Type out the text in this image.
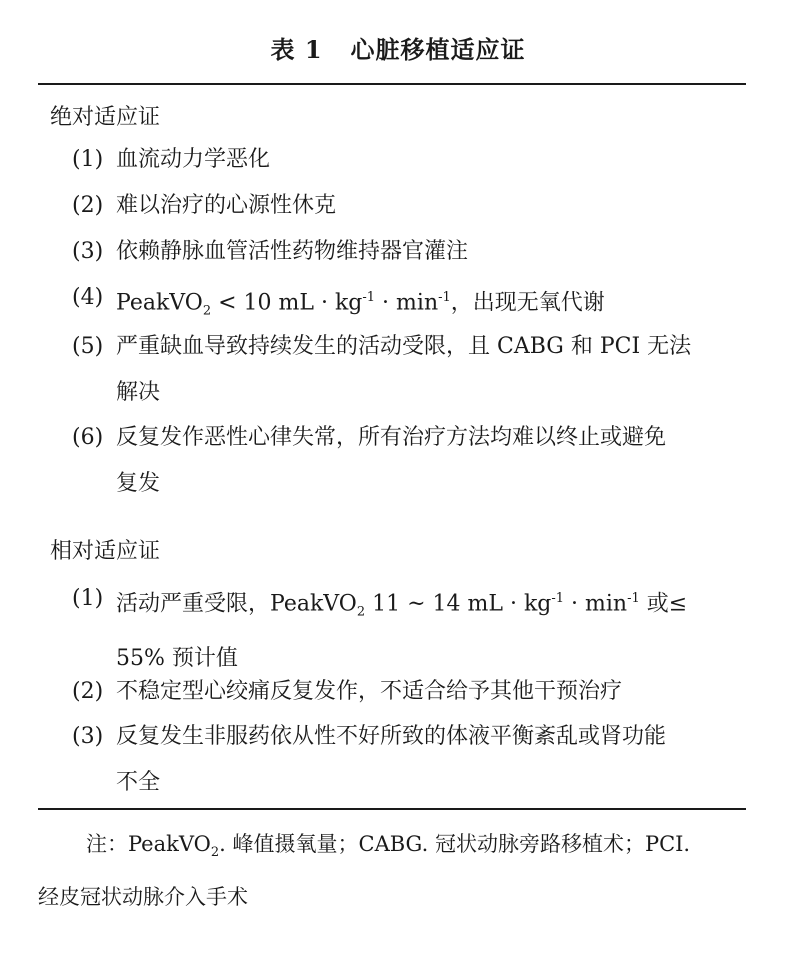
表 1 心脏移植适应证
绝对适应证
(1) 血流动力学恶化
(2) 难以治疗的心源性休克
(3) 依赖静脉血管活性药物维持器官灌注
(4) PeakVO$_2$ < 10 mL · $kg^{-1} \cdot \min^{-1}$，出现无氧代谢
(5) 严重缺血导致持续发生的活动受限，且 CABG 和 PCI 无法
解决
(6) 反复发作恶性心律失常，所有治疗方法均难以终止或避免
复发
相对适应证
(1) 活动严重受限，PeakVO$_2$ 11 ~ 14 mL · $kg^{-1} \cdot \min^{-1}$ 或≤
55% 预计值
(2) 不稳定型心绞痛反复发作，不适合给予其他干预治疗
(3) 反复发生非服药依从性不好所致的体液平衡紊乱或肾功能
不全
注：PeakVO$_2$. 峰值摄氧量；CABG. 冠状动脉旁路移植术；PCI.
经皮冠状动脉介入手术
